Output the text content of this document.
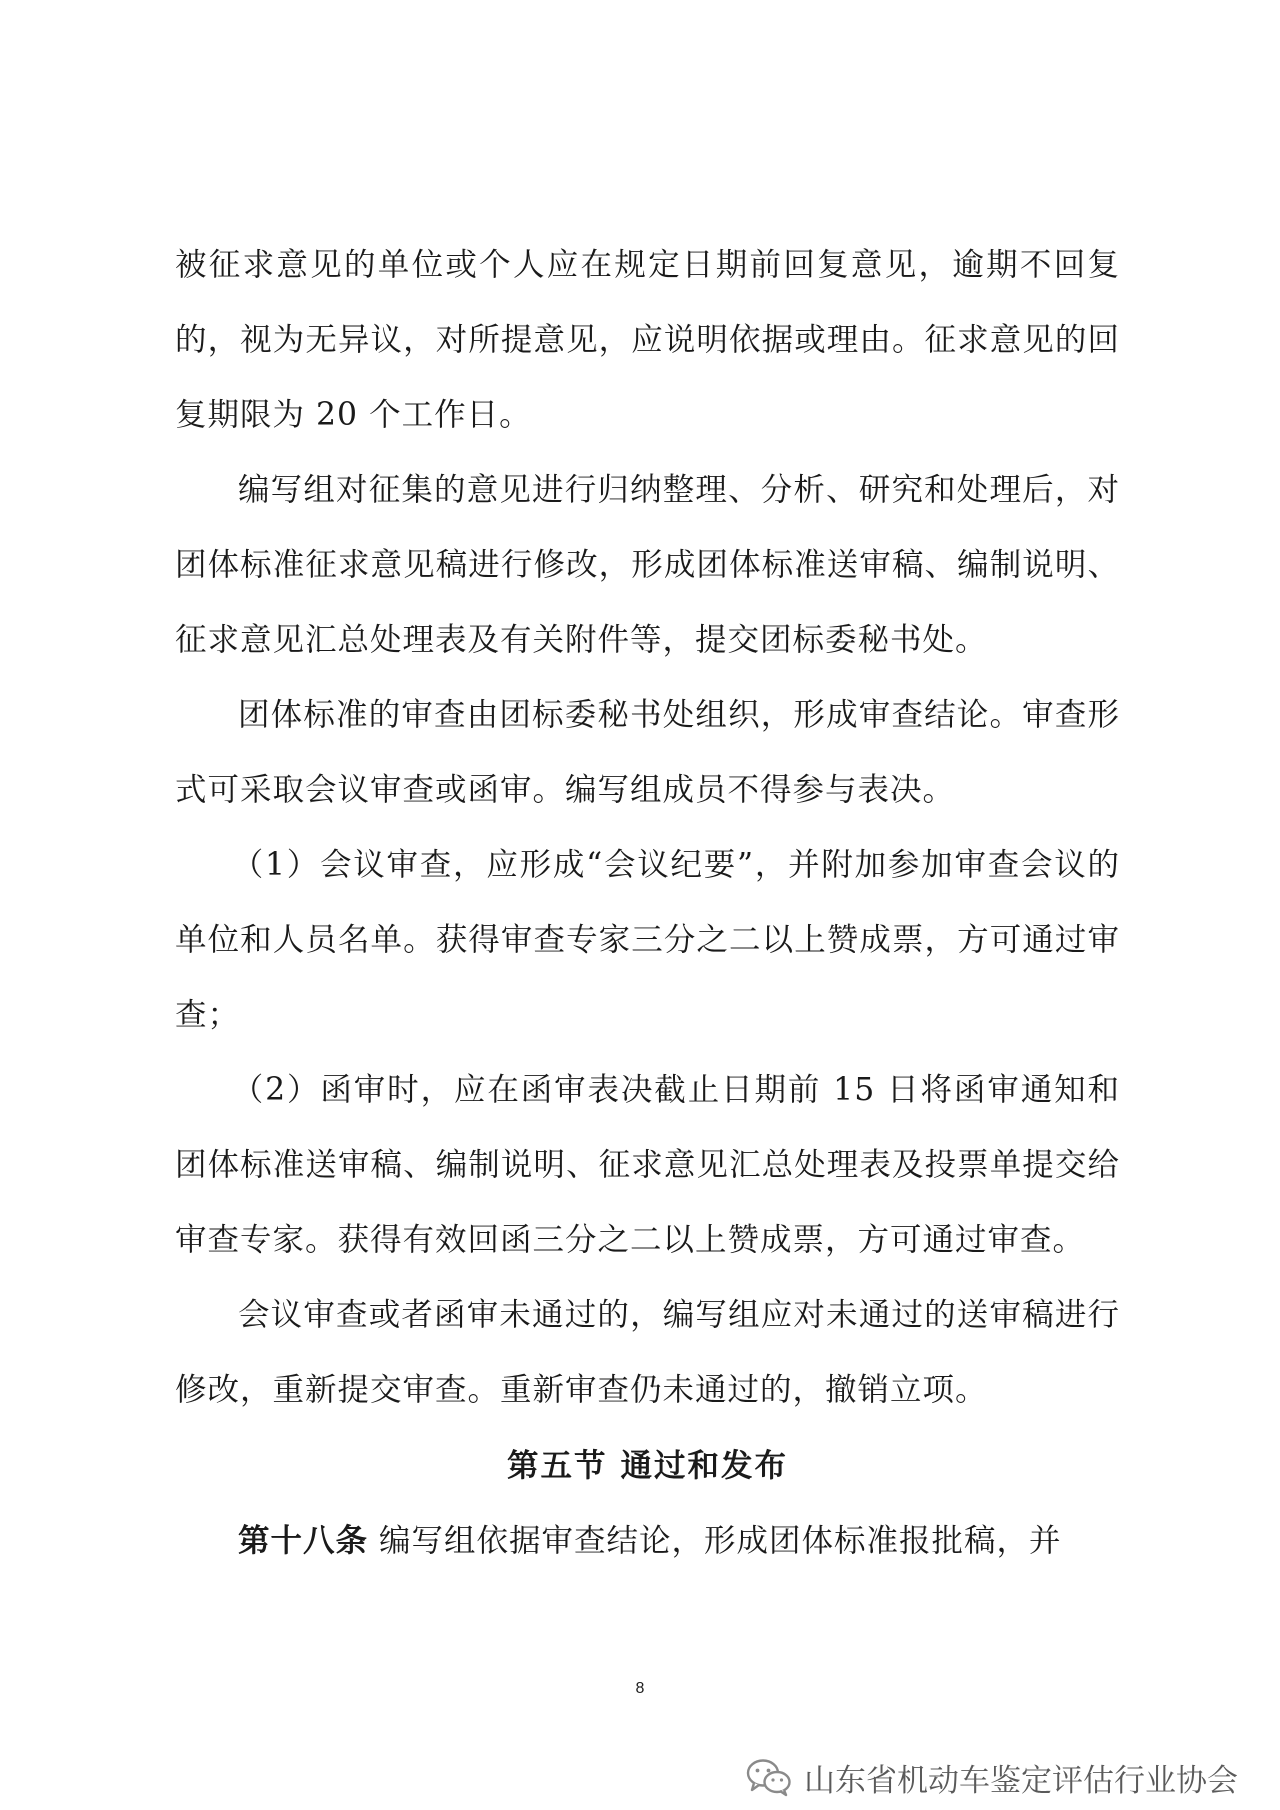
被征求意见的单位或个人应在规定日期前回复意见，逾期不回复的，视为无异议，对所提意见，应说明依据或理由。征求意见的回复期限为 20 个工作日。

编写组对征集的意见进行归纳整理、分析、研究和处理后，对团体标准征求意见稿进行修改，形成团体标准送审稿、编制说明、征求意见汇总处理表及有关附件等，提交团标委秘书处。

团体标准的审查由团标委秘书处组织，形成审查结论。审查形式可采取会议审查或函审。编写组成员不得参与表决。

（1）会议审查，应形成“会议纪要”，并附加参加审查会议的单位和人员名单。获得审查专家三分之二以上赞成票，方可通过审查；

（2）函审时，应在函审表决截止日期前 15 日将函审通知和团体标准送审稿、编制说明、征求意见汇总处理表及投票单提交给审查专家。获得有效回函三分之二以上赞成票，方可通过审查。

会议审查或者函审未通过的，编写组应对未通过的送审稿进行修改，重新提交审查。重新审查仍未通过的，撤销立项。

第五节 通过和发布

第十八条 编写组依据审查结论，形成团体标准报批稿，并

8
山东省机动车鉴定评估行业协会
